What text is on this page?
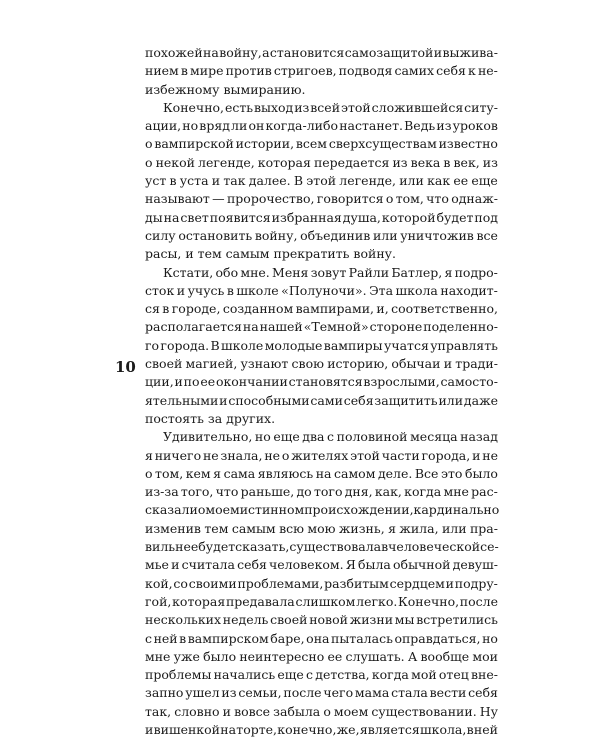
похожей на войну, а становится самозащитой и выжива-
нием в мире против стригоев, подводя самих себя к не-
избежному вымиранию.
Конечно, есть выход из всей этой сложившейся ситу-
ации, но вряд ли он когда-либо настанет. Ведь из уроков
о вампирской истории, всем сверхсуществам известно
о некой легенде, которая передается из века в век, из
уст в уста и так далее. В этой легенде, или как ее еще
называют — пророчество, говорится о том, что однаж-
ды на свет появится избранная душа, которой будет под
силу остановить войну, объединив или уничтожив все
расы, и тем самым прекратить войну.
Кстати, обо мне. Меня зовут Райли Батлер, я подро-
сток и учусь в школе «Полуночи». Эта школа находит-
ся в городе, созданном вампирами, и, соответственно,
располагается на нашей «Темной» стороне поделенно-
го города. В школе молодые вампиры учатся управлять
своей магией, узнают свою историю, обычаи и тради-
ции, и по ее окончании становятся взрослыми, самосто-
ятельными и способными сами себя защитить или даже
постоять за других.
Удивительно, но еще два с половиной месяца назад
я ничего не знала, не о жителях этой части города, и не
о том, кем я сама являюсь на самом деле. Все это было
из-за того, что раньше, до того дня, как, когда мне рас-
сказали о моем истинном происхождении, кардинально
изменив тем самым всю мою жизнь, я жила, или пра-
вильнее будет сказать, существовала в человеческой се-
мье и считала себя человеком. Я была обычной девуш-
кой, со своими проблемами, разбитым сердцем и подру-
гой, которая предавала слишком легко. Конечно, после
нескольких недель своей новой жизни мы встретились
с ней в вампирском баре, она пыталась оправдаться, но
мне уже было неинтересно ее слушать. А вообще мои
проблемы начались еще с детства, когда мой отец вне-
запно ушел из семьи, после чего мама стала вести себя
так, словно и вовсе забыла о моем существовании. Ну
и вишенкой на торте, конечно, же, является школа, в ней
10
